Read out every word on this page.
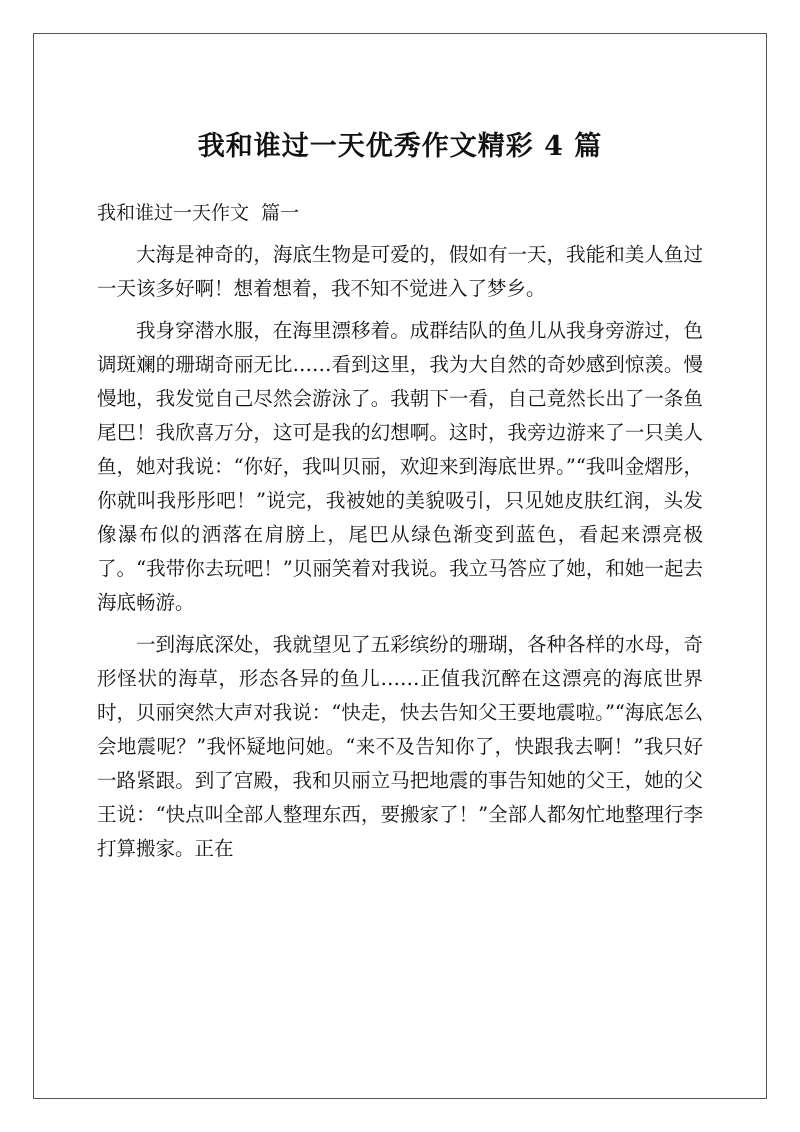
我和谁过一天优秀作文精彩 4 篇
我和谁过一天作文  篇一

大海是神奇的，海底生物是可爱的，假如有一天，我能和美人鱼过一天该多好啊！想着想着，我不知不觉进入了梦乡。

我身穿潜水服，在海里漂移着。成群结队的鱼儿从我身旁游过，色调斑斓的珊瑚奇丽无比……看到这里，我为大自然的奇妙感到惊羡。慢慢地，我发觉自己尽然会游泳了。我朝下一看，自己竟然长出了一条鱼尾巴！我欣喜万分，这可是我的幻想啊。这时，我旁边游来了一只美人鱼，她对我说：“你好，我叫贝丽，欢迎来到海底世界。”“我叫金熠彤，你就叫我彤彤吧！”说完，我被她的美貌吸引，只见她皮肤红润，头发像瀑布似的洒落在肩膀上，尾巴从绿色渐变到蓝色，看起来漂亮极了。“我带你去玩吧！”贝丽笑着对我说。我立马答应了她，和她一起去海底畅游。

一到海底深处，我就望见了五彩缤纷的珊瑚，各种各样的水母，奇形怪状的海草，形态各异的鱼儿……正值我沉醉在这漂亮的海底世界时，贝丽突然大声对我说：“快走，快去告知父王要地震啦。”“海底怎么会地震呢？”我怀疑地问她。“来不及告知你了，快跟我去啊！”我只好一路紧跟。到了宫殿，我和贝丽立马把地震的事告知她的父王，她的父王说：“快点叫全部人整理东西，要搬家了！”全部人都匆忙地整理行李打算搬家。正在
